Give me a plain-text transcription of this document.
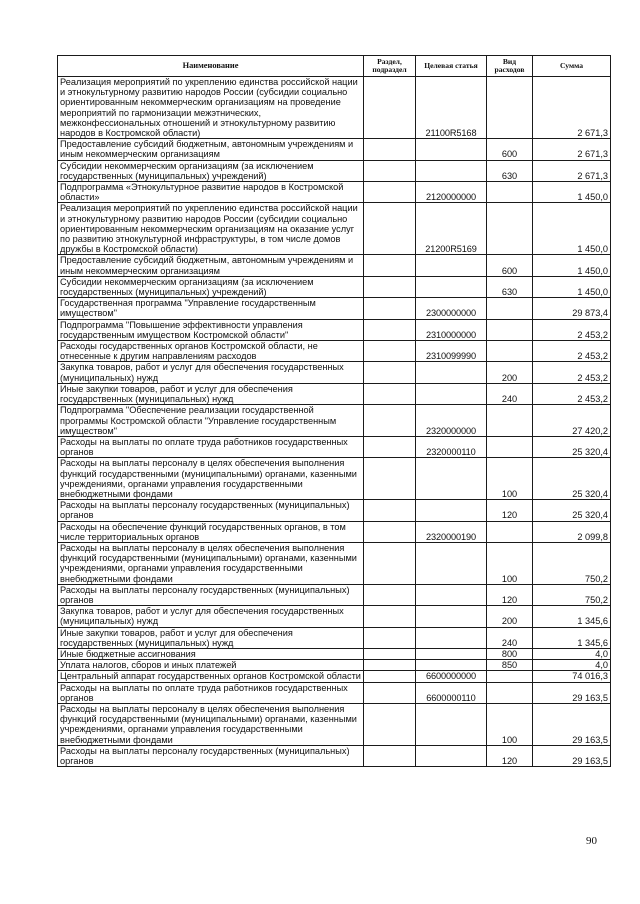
Наименование	Раздел, подраздел	Целевая статья	Вид расходов	Сумма
Реализация мероприятий по укреплению единства российской нации и этнокультурному развитию народов России (субсидии социально ориентированным некоммерческим организациям на проведение мероприятий по гармонизации межэтнических, межконфессиональных отношений и этнокультурному развитию народов в Костромской области)		21100R5168		2 671,3
Предоставление субсидий бюджетным, автономным учреждениям и иным некоммерческим организациям			600	2 671,3
Субсидии некоммерческим организациям (за исключением государственных (муниципальных) учреждений)			630	2 671,3
Подпрограмма «Этнокультурное развитие народов в Костромской области»		2120000000		1 450,0
Реализация мероприятий по укреплению единства российской нации и этнокультурному развитию народов России (субсидии социально ориентированным некоммерческим организациям на оказание услуг по развитию этнокультурной инфраструктуры, в том числе домов дружбы в Костромской области)		21200R5169		1 450,0
Предоставление субсидий бюджетным, автономным учреждениям и иным некоммерческим организациям			600	1 450,0
Субсидии некоммерческим организациям (за исключением государственных (муниципальных) учреждений)			630	1 450,0
Государственная программа "Управление государственным имуществом"		2300000000		29 873,4
Подпрограмма "Повышение эффективности управления государственным имуществом Костромской области"		2310000000		2 453,2
Расходы государственных органов Костромской области, не отнесенные к другим направлениям расходов		2310099990		2 453,2
Закупка товаров, работ и услуг для обеспечения государственных (муниципальных) нужд			200	2 453,2
Иные закупки товаров, работ и услуг для обеспечения государственных (муниципальных) нужд			240	2 453,2
Подпрограмма "Обеспечение реализации государственной программы Костромской области "Управление государственным имуществом"		2320000000		27 420,2
Расходы на выплаты по оплате труда работников государственных органов		2320000110		25 320,4
Расходы на выплаты персоналу в целях обеспечения выполнения функций государственными (муниципальными) органами, казенными учреждениями, органами управления государственными внебюджетными фондами			100	25 320,4
Расходы на выплаты персоналу государственных (муниципальных) органов			120	25 320,4
Расходы на обеспечение функций государственных органов, в том числе территориальных органов		2320000190		2 099,8
Расходы на выплаты персоналу в целях обеспечения выполнения функций государственными (муниципальными) органами, казенными учреждениями, органами управления государственными внебюджетными фондами			100	750,2
Расходы на выплаты персоналу государственных (муниципальных) органов			120	750,2
Закупка товаров, работ и услуг для обеспечения государственных (муниципальных) нужд			200	1 345,6
Иные закупки товаров, работ и услуг для обеспечения государственных (муниципальных) нужд			240	1 345,6
Иные бюджетные ассигнования			800	4,0
Уплата налогов, сборов и иных платежей			850	4,0
Центральный аппарат государственных органов Костромской области		6600000000		74 016,3
Расходы на выплаты по оплате труда работников государственных органов		6600000110		29 163,5
Расходы на выплаты персоналу в целях обеспечения выполнения функций государственными (муниципальными) органами, казенными учреждениями, органами управления государственными внебюджетными фондами			100	29 163,5
Расходы на выплаты персоналу государственных (муниципальных) органов			120	29 163,5
90
